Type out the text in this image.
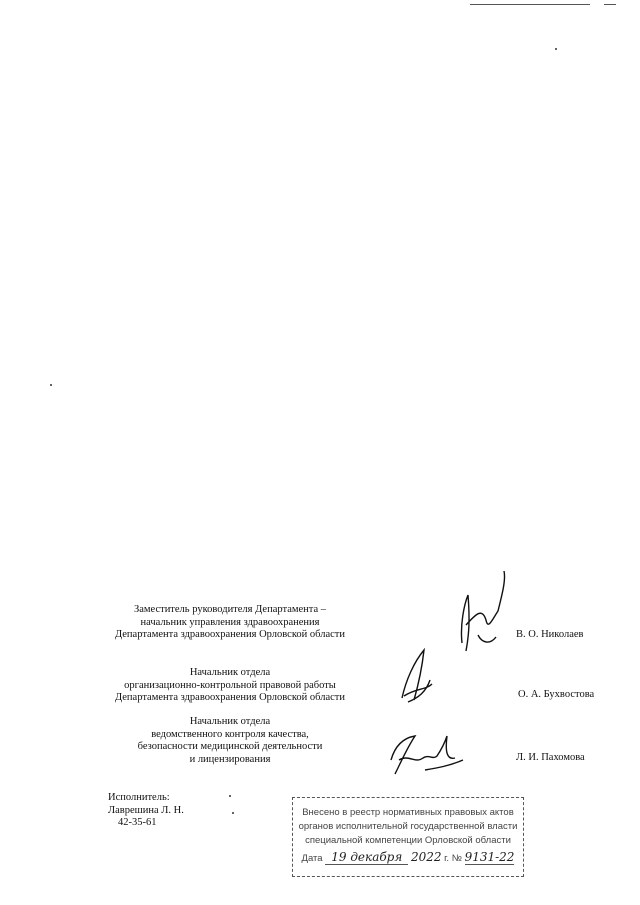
Заместитель руководителя Департамента –
начальник управления здравоохранения
Департамента здравоохранения Орловской области	В. О. Николаев
Начальник отдела
организационно-контрольной правовой работы
Департамента здравоохранения Орловской области	О. А. Бухвостова
Начальник отдела
ведомственного контроля качества,
безопасности медицинской деятельности
и лицензирования	Л. И. Пахомова
Исполнитель:
Лаврешина Л. Н.
42-35-61
Внесено в реестр нормативных правовых актов
органов исполнительной государственной власти
специальной компетенции Орловской области
Дата 19 декабря 2022 г. № 9131-22
